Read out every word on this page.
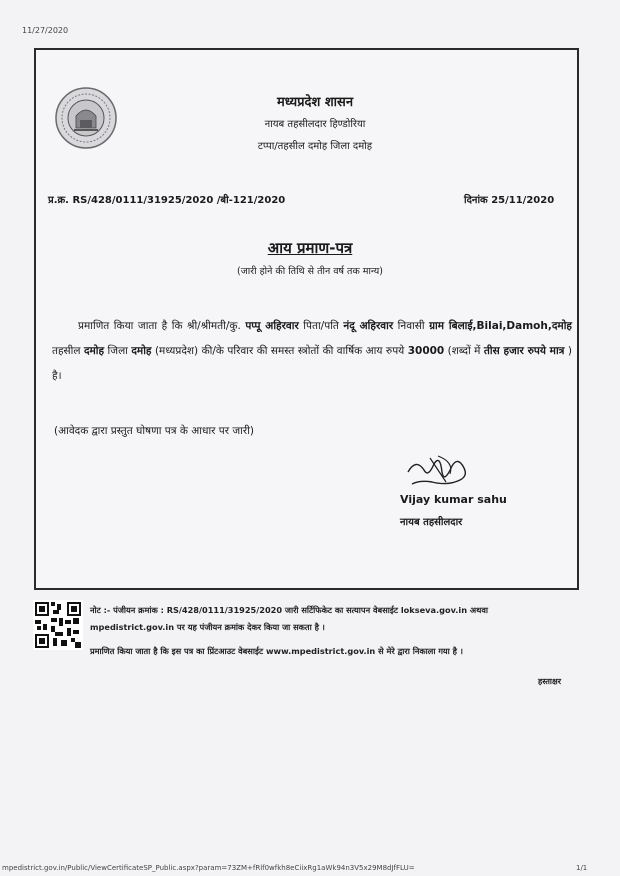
11/27/2020
मध्यप्रदेश शासन
नायब तहसीलदार हिण्डोरिया
टप्पा/तहसील दमोह जिला दमोह
प्र.क्र. RS/428/0111/31925/2020 /बी-121/2020	दिनांक 25/11/2020
आय प्रमाण-पत्र
(जारी होने की तिथि से तीन वर्ष तक मान्य)
प्रमाणित किया जाता है कि श्री/श्रीमती/कु. पप्पू अहिरवार पिता/पति नंदू अहिरवार निवासी ग्राम बिलाई,Bilai,Damoh,दमोह तहसील दमोह जिला दमोह (मध्यप्रदेश) की/के परिवार की समस्त स्त्रोतों की वार्षिक आय रुपये 30000 (शब्दों में तीस हजार रुपये मात्र ) है।
(आवेदक द्वारा प्रस्तुत घोषणा पत्र के आधार पर जारी)
Vijay kumar sahu
नायब तहसीलदार
नोट :- पंजीयन क्रमांक : RS/428/0111/31925/2020 जारी सर्टिफिकेट का सत्यापन वेबसाईट lokseva.gov.in अथवा
mpedistrict.gov.in पर यह पंजीयन क्रमांक देकर किया जा सकता है ।
प्रमाणित किया जाता है कि इस पत्र का प्रिंटआउट वेबसाईट www.mpedistrict.gov.in से मेरे द्वारा निकाला गया है ।
हस्ताक्षर
mpedistrict.gov.in/Public/ViewCertificateSP_Public.aspx?param=73ZM+fRlf0wfkh8eCiixRg1aWk94n3V5x29M8dJfFLU=	1/1
